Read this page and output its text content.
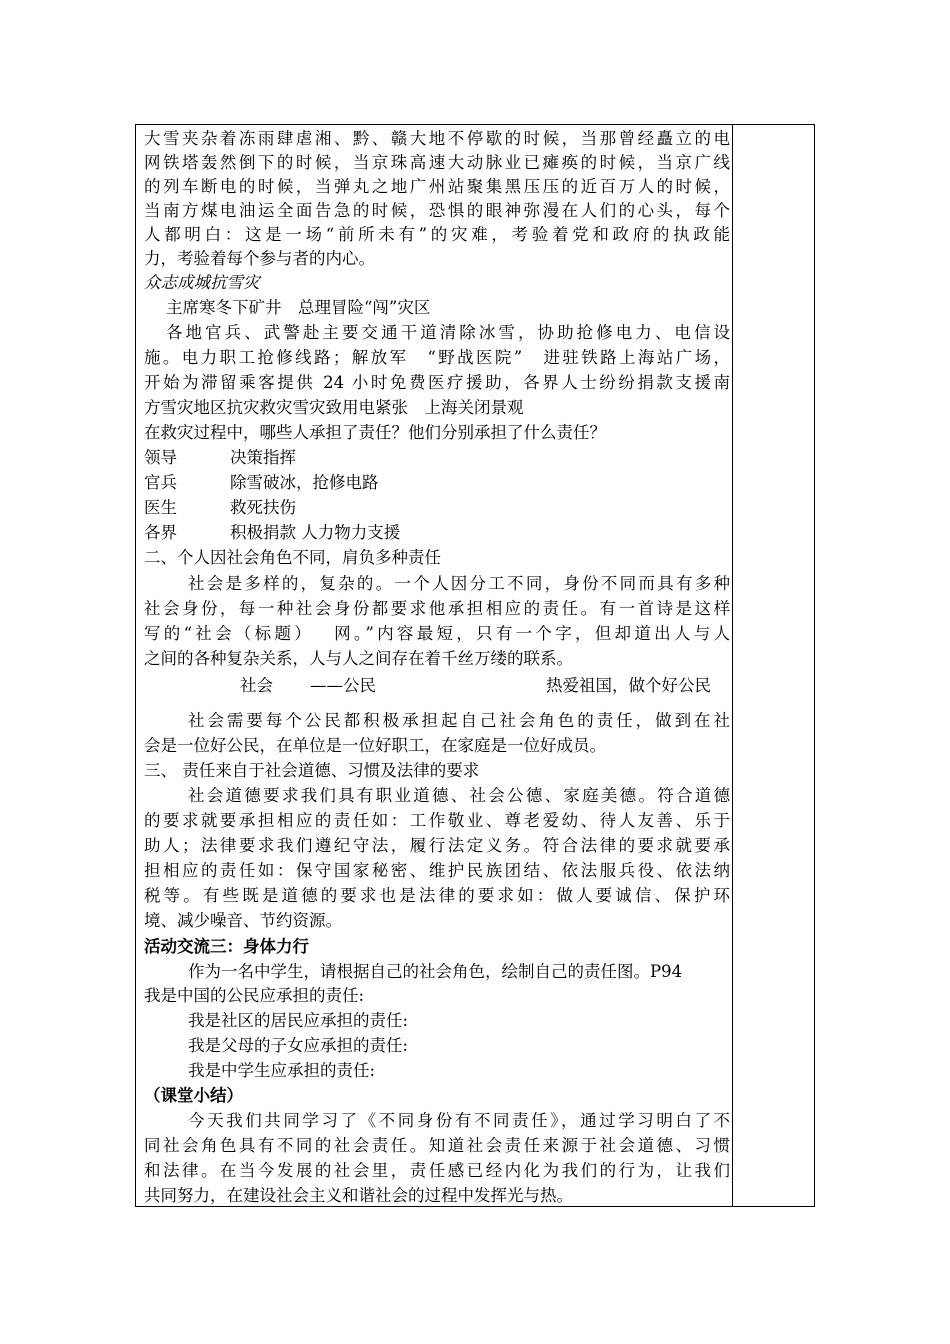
大雪夹杂着冻雨肆虐湘、黔、赣大地不停歇的时候，当那曾经矗立的电
网铁塔轰然倒下的时候，当京珠高速大动脉业已瘫痪的时候，当京广线
的列车断电的时候，当弹丸之地广州站聚集黑压压的近百万人的时候，
当南方煤电油运全面告急的时候，恐惧的眼神弥漫在人们的心头，每个
人都明白：这是一场“前所未有”的灾难，考验着党和政府的执政能
力，考验着每个参与者的内心。
众志成城抗雪灾
主席寒冬下矿井　总理冒险“闯”灾区
各地官兵、武警赴主要交通干道清除冰雪，协助抢修电力、电信设
施。电力职工抢修线路；解放军　“野战医院”　进驻铁路上海站广场，
开始为滞留乘客提供 24 小时免费医疗援助，各界人士纷纷捐款支援南
方雪灾地区抗灾救灾雪灾致用电紧张　上海关闭景观
在救灾过程中，哪些人承担了责任？他们分别承担了什么责任？
领导	决策指挥
官兵	除雪破冰，抢修电路
医生	救死扶伤
各界	积极捐款 人力物力支援
二、个人因社会角色不同，肩负多种责任
社会是多样的，复杂的。一个人因分工不同，身份不同而具有多种
社会身份，每一种社会身份都要求他承担相应的责任。有一首诗是这样
写的“社会（标题）　 网。”内容最短，只有一个字，但却道出人与人
之间的各种复杂关系，人与人之间存在着千丝万缕的联系。
社会 ——公民	热爱祖国，做个好公民
社会需要每个公民都积极承担起自己社会角色的责任，做到在社
会是一位好公民，在单位是一位好职工，在家庭是一位好成员。
三、 责任来自于社会道德、习惯及法律的要求
社会道德要求我们具有职业道德、社会公德、家庭美德。符合道德
的要求就要承担相应的责任如：工作敬业、尊老爱幼、待人友善、乐于
助人；法律要求我们遵纪守法，履行法定义务。符合法律的要求就要承
担相应的责任如：保守国家秘密、维护民族团结、依法服兵役、依法纳
税等。有些既是道德的要求也是法律的要求如：做人要诚信、保护环
境、减少噪音、节约资源。
活动交流三：身体力行
作为一名中学生，请根据自己的社会角色，绘制自己的责任图。P94
我是中国的公民应承担的责任:
我是社区的居民应承担的责任:
我是父母的子女应承担的责任:
我是中学生应承担的责任:
（课堂小结）
今天我们共同学习了《不同身份有不同责任》，通过学习明白了不
同社会角色具有不同的社会责任。知道社会责任来源于社会道德、习惯
和法律。在当今发展的社会里，责任感已经内化为我们的行为，让我们
共同努力，在建设社会主义和谐社会的过程中发挥光与热。
